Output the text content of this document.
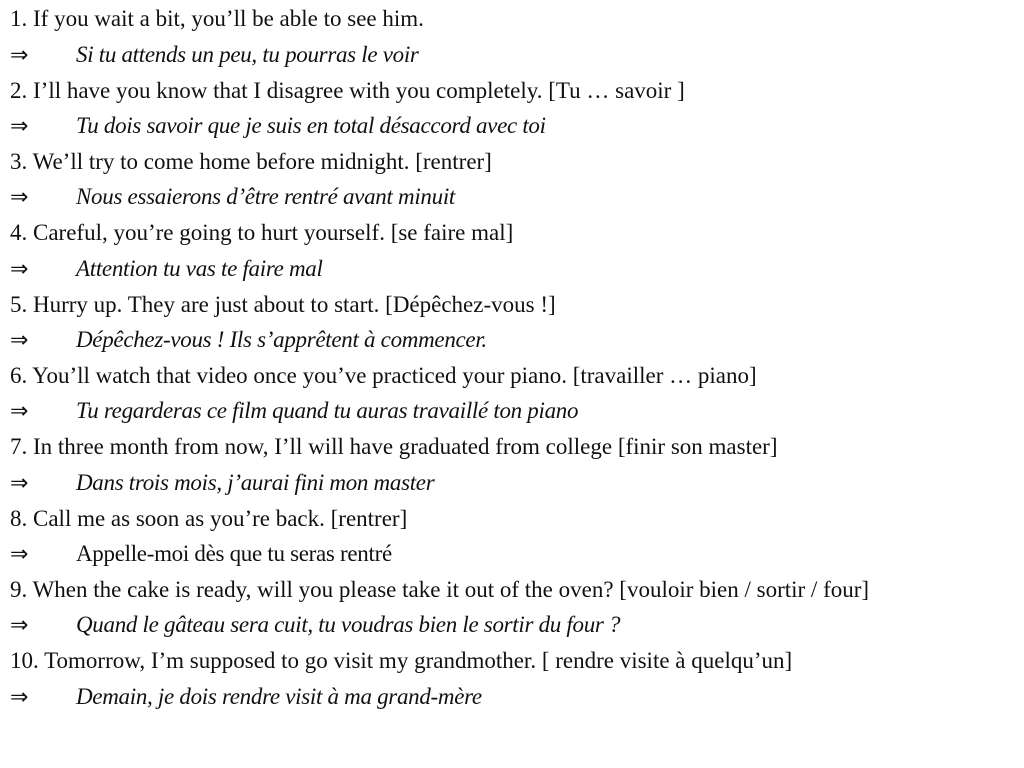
1. If you wait a bit, you’ll be able to see him.
⇒ Si tu attends un peu, tu pourras le voir
2. I’ll have you know that I disagree with you completely. [Tu … savoir ]
⇒ Tu dois savoir que je suis en total désaccord avec toi
3. We’ll try to come home before midnight. [rentrer]
⇒ Nous essaierons d’être rentré avant minuit
4. Careful, you’re going to hurt yourself. [se faire mal]
⇒ Attention tu vas te faire mal
5. Hurry up. They are just about to start. [Dépêchez-vous !]
⇒ Dépêchez-vous ! Ils s’apprêtent à commencer.
6. You’ll watch that video once you’ve practiced your piano. [travailler … piano]
⇒ Tu regarderas ce film quand tu auras travaillé ton piano
7. In three month from now, I’ll will have graduated from college [finir son master]
⇒ Dans trois mois, j’aurai fini mon master
8. Call me as soon as you’re back. [rentrer]
⇒ Appelle-moi dès que tu seras rentré
9. When the cake is ready, will you please take it out of the oven? [vouloir bien / sortir / four]
⇒ Quand le gâteau sera cuit, tu voudras bien le sortir du four ?
10. Tomorrow, I’m supposed to go visit my grandmother. [ rendre visite à quelqu’un]
⇒ Demain, je dois rendre visit à ma grand-mère
